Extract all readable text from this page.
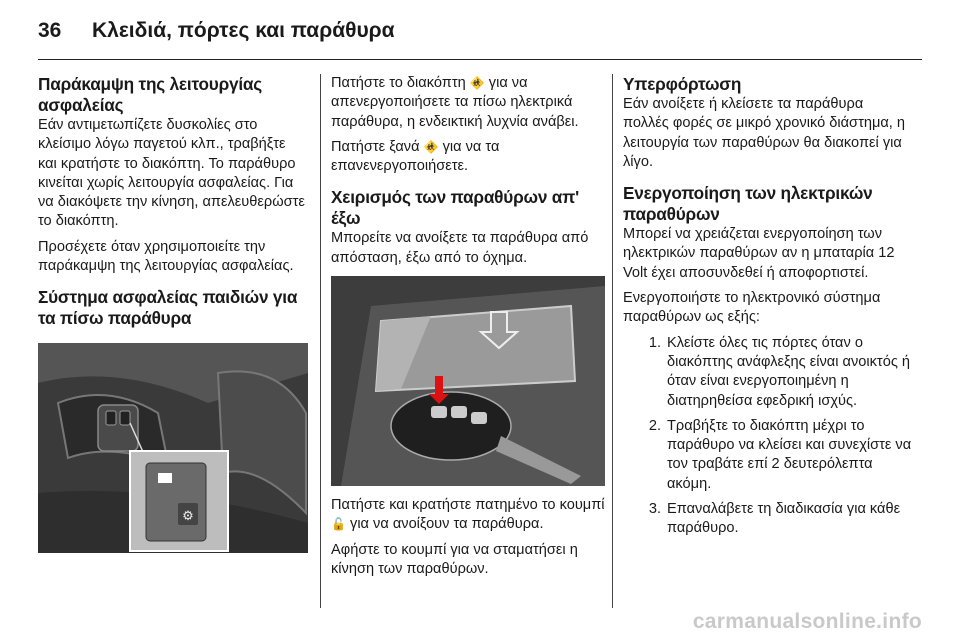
36	Κλειδιά, πόρτες και παράθυρα
Παράκαμψη της λειτουργίας ασφαλείας

Εάν αντιμετωπίζετε δυσκολίες στο κλείσιμο λόγω παγετού κλπ., τραβήξτε και κρατήστε το διακόπτη. Το παράθυρο κινείται χωρίς λειτουργία ασφαλείας. Για να διακόψετε την κίνηση, απελευθερώστε το διακόπτη.

Προσέχετε όταν χρησιμοποιείτε την παράκαμψη της λειτουργίας ασφαλείας.

Σύστημα ασφαλείας παιδιών για τα πίσω παράθυρα
⚙

Πατήστε το διακόπτη 🚸 για να απενεργοποιήσετε τα πίσω ηλεκτρικά παράθυρα, η ενδεικτική λυχνία ανάβει.

Πατήστε ξανά 🚸 για να τα επανενεργοποιήσετε.

Χειρισμός των παραθύρων απ' έξω

Μπορείτε να ανοίξετε τα παράθυρα από απόσταση, έξω από το όχημα.

Πατήστε και κρατήστε πατημένο το κουμπί 🔓 για να ανοίξουν τα παράθυρα.

Αφήστε το κουμπί για να σταματήσει η κίνηση των παραθύρων.

Υπερφόρτωση

Εάν ανοίξετε ή κλείσετε τα παράθυρα πολλές φορές σε μικρό χρονικό διάστημα, η λειτουργία των παραθύρων θα διακοπεί για λίγο.

Ενεργοποίηση των ηλεκτρικών παραθύρων

Μπορεί να χρειάζεται ενεργοποίηση των ηλεκτρικών παραθύρων αν η μπαταρία 12 Volt έχει αποσυνδεθεί ή αποφορτιστεί.

Ενεργοποιήστε το ηλεκτρονικό σύστημα παραθύρων ως εξής:

1. Κλείστε όλες τις πόρτες όταν ο διακόπτης ανάφλεξης είναι ανοικτός ή όταν είναι ενεργοποιημένη η διατηρηθείσα εφεδρική ισχύς.
2. Τραβήξτε το διακόπτη μέχρι το παράθυρο να κλείσει και συνεχίστε να τον τραβάτε επί 2 δευτερόλεπτα ακόμη.
3. Επαναλάβετε τη διαδικασία για κάθε παράθυρο.
carmanualsonline.info
